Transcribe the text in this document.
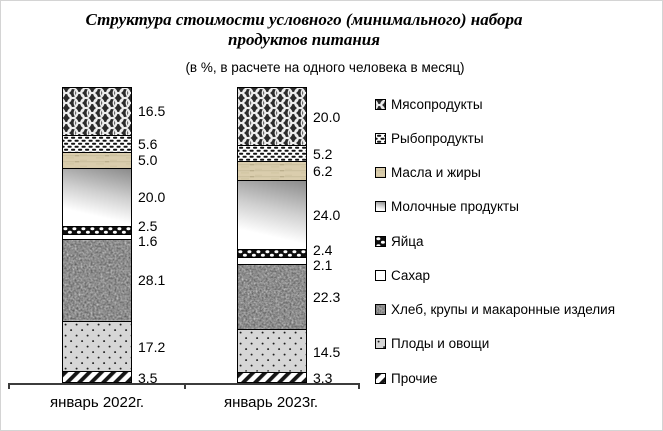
Структура стоимости условного (минимального) набора
продуктов питания
(в %, в расчете на одного человека в месяц)
16.5
5.6
5.0
20.0
2.5
1.6
28.1
17.2
3.5
январь 2022г.
20.0
5.2
6.2
24.0
2.4
2.1
22.3
14.5
3.3
январь 2023г.
Мясопродукты
Рыбопродукты
Масла и жиры
Молочные продукты
Яйца
Сахар
Хлеб, крупы и макаронные изделия
Плоды и овощи
Прочие
